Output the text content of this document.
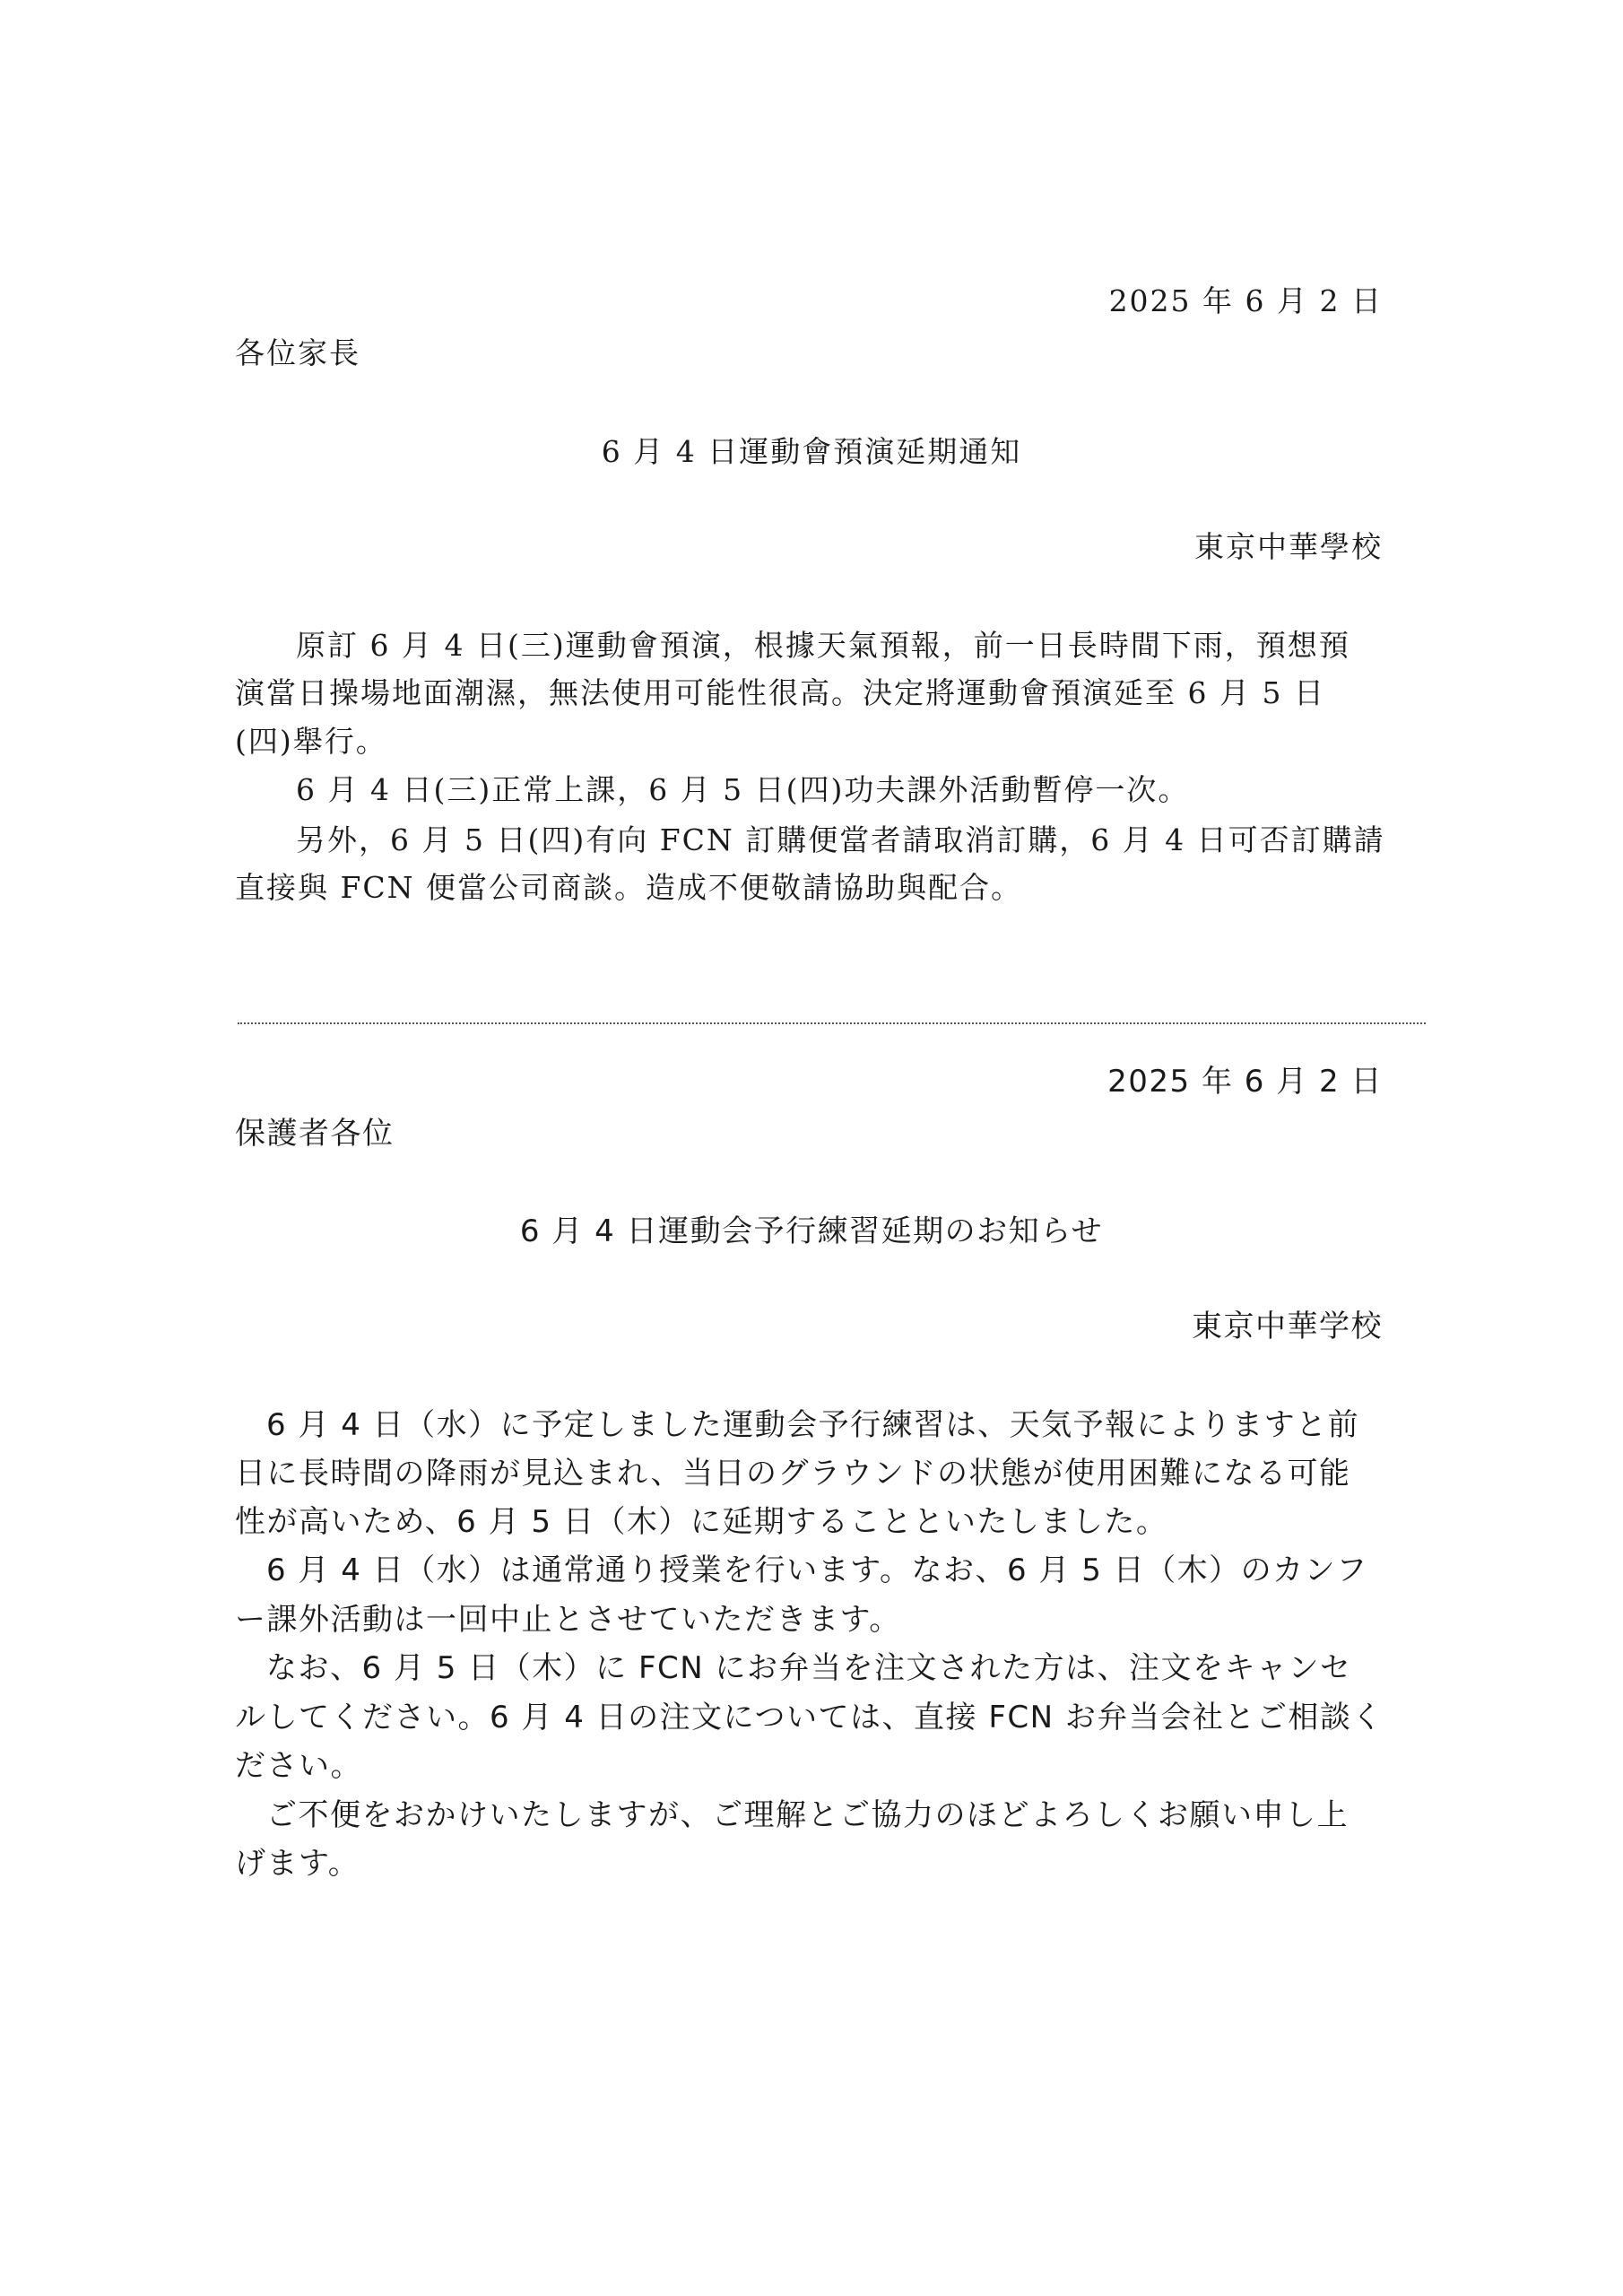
2025 年 6 月 2 日
各位家長
6 月 4 日運動會預演延期通知
東京中華學校
原訂 6 月 4 日(三)運動會預演，根據天氣預報，前一日長時間下雨，預想預
演當日操場地面潮濕，無法使用可能性很高。決定將運動會預演延至 6 月 5 日
(四)舉行。
6 月 4 日(三)正常上課，6 月 5 日(四)功夫課外活動暫停一次。
另外，6 月 5 日(四)有向 FCN 訂購便當者請取消訂購，6 月 4 日可否訂購請
直接與 FCN 便當公司商談。造成不便敬請協助與配合。
2025 年 6 月 2 日
保護者各位
6 月 4 日運動会予行練習延期のお知らせ
東京中華学校
6 月 4 日（水）に予定しました運動会予行練習は、天気予報によりますと前
日に長時間の降雨が見込まれ、当日のグラウンドの状態が使用困難になる可能
性が高いため、6 月 5 日（木）に延期することといたしました。
6 月 4 日（水）は通常通り授業を行います。なお、6 月 5 日（木）のカンフ
ー課外活動は一回中止とさせていただきます。
なお、6 月 5 日（木）に FCN にお弁当を注文された方は、注文をキャンセ
ルしてください。6 月 4 日の注文については、直接 FCN お弁当会社とご相談く
ださい。
ご不便をおかけいたしますが、ご理解とご協力のほどよろしくお願い申し上
げます。
